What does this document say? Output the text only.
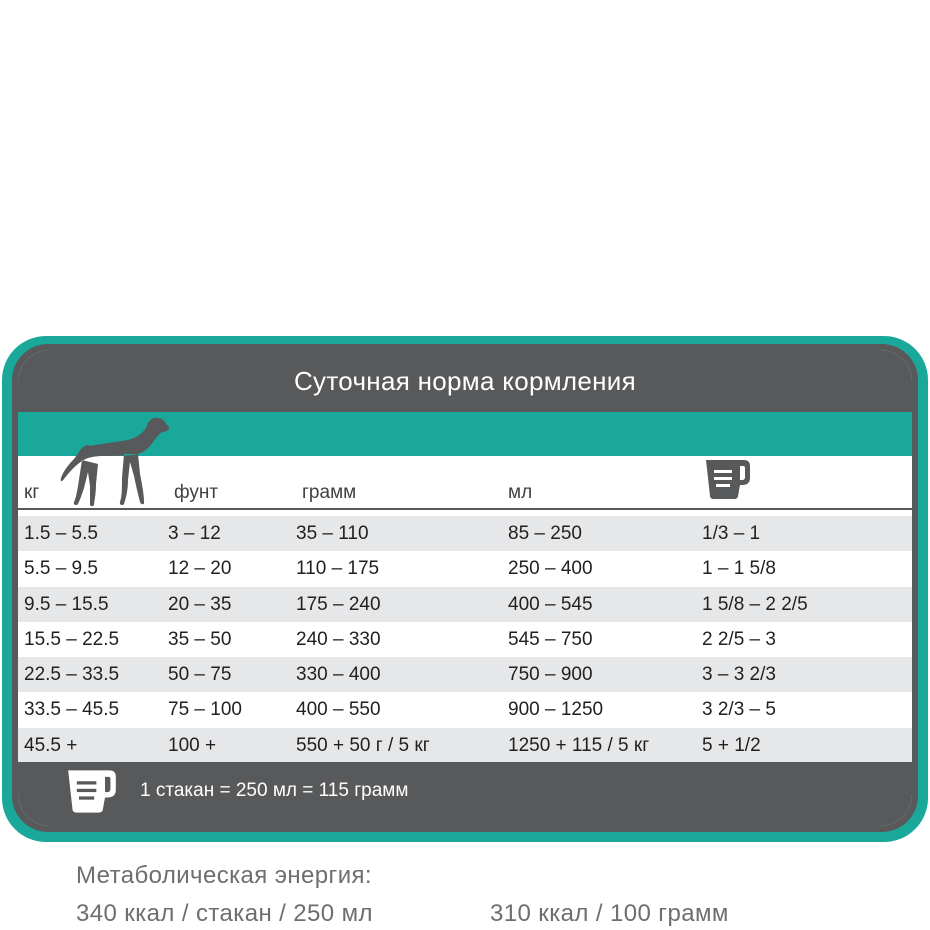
Суточная норма кормления
кг	фунт	грамм	мл
1.5 – 5.5	3 – 12	35 – 110	85 – 250	1/3 – 1
5.5 – 9.5	12 – 20	110 – 175	250 – 400	1 – 1 5/8
9.5 – 15.5	20 – 35	175 – 240	400 – 545	1 5/8 – 2 2/5
15.5 – 22.5	35 – 50	240 – 330	545 – 750	2 2/5 – 3
22.5 – 33.5	50 – 75	330 – 400	750 – 900	3 – 3 2/3
33.5 – 45.5	75 – 100	400 – 550	900 – 1250	3 2/3 – 5
45.5 +	100 +	550 + 50 г / 5 кг	1250 + 115 / 5 кг	5 + 1/2
1 стакан = 250 мл = 115 грамм
Метаболическая энергия:
340 ккал / стакан / 250 мл	310 ккал / 100 грамм
